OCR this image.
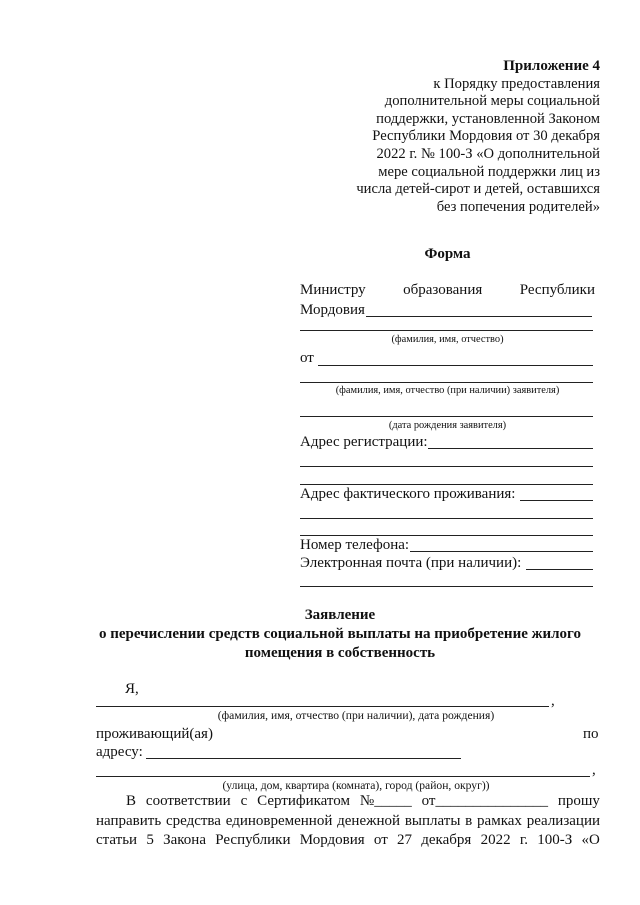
Приложение 4
к Порядку предоставления
дополнительной меры социальной
поддержки, установленной Законом
Республики Мордовия от 30 декабря
2022 г. № 100-З «О дополнительной
мере социальной поддержки лиц из
числа детей-сирот и детей, оставшихся
без попечения родителей»
Форма
Министру	образования	Республики
Мордовия
(фамилия, имя, отчество)
от
(фамилия, имя, отчество (при наличии) заявителя)
(дата рождения заявителя)
Адрес регистрации:
Адрес фактического проживания:
Номер телефона:
Электронная почта (при наличии):
Заявление
о перечислении средств социальной выплаты на приобретение жилого
помещения в собственность
Я,
,
(фамилия, имя, отчество (при наличии), дата рождения)
проживающий(ая)	по
адресу:
,
(улица, дом, квартира (комната), город (район, округ))
В соответствии с Сертификатом №_____ от_______________ прошу
направить средства единовременной денежной выплаты в рамках реализации
статьи 5 Закона Республики Мордовия от 27 декабря 2022 г. 100-З «О
